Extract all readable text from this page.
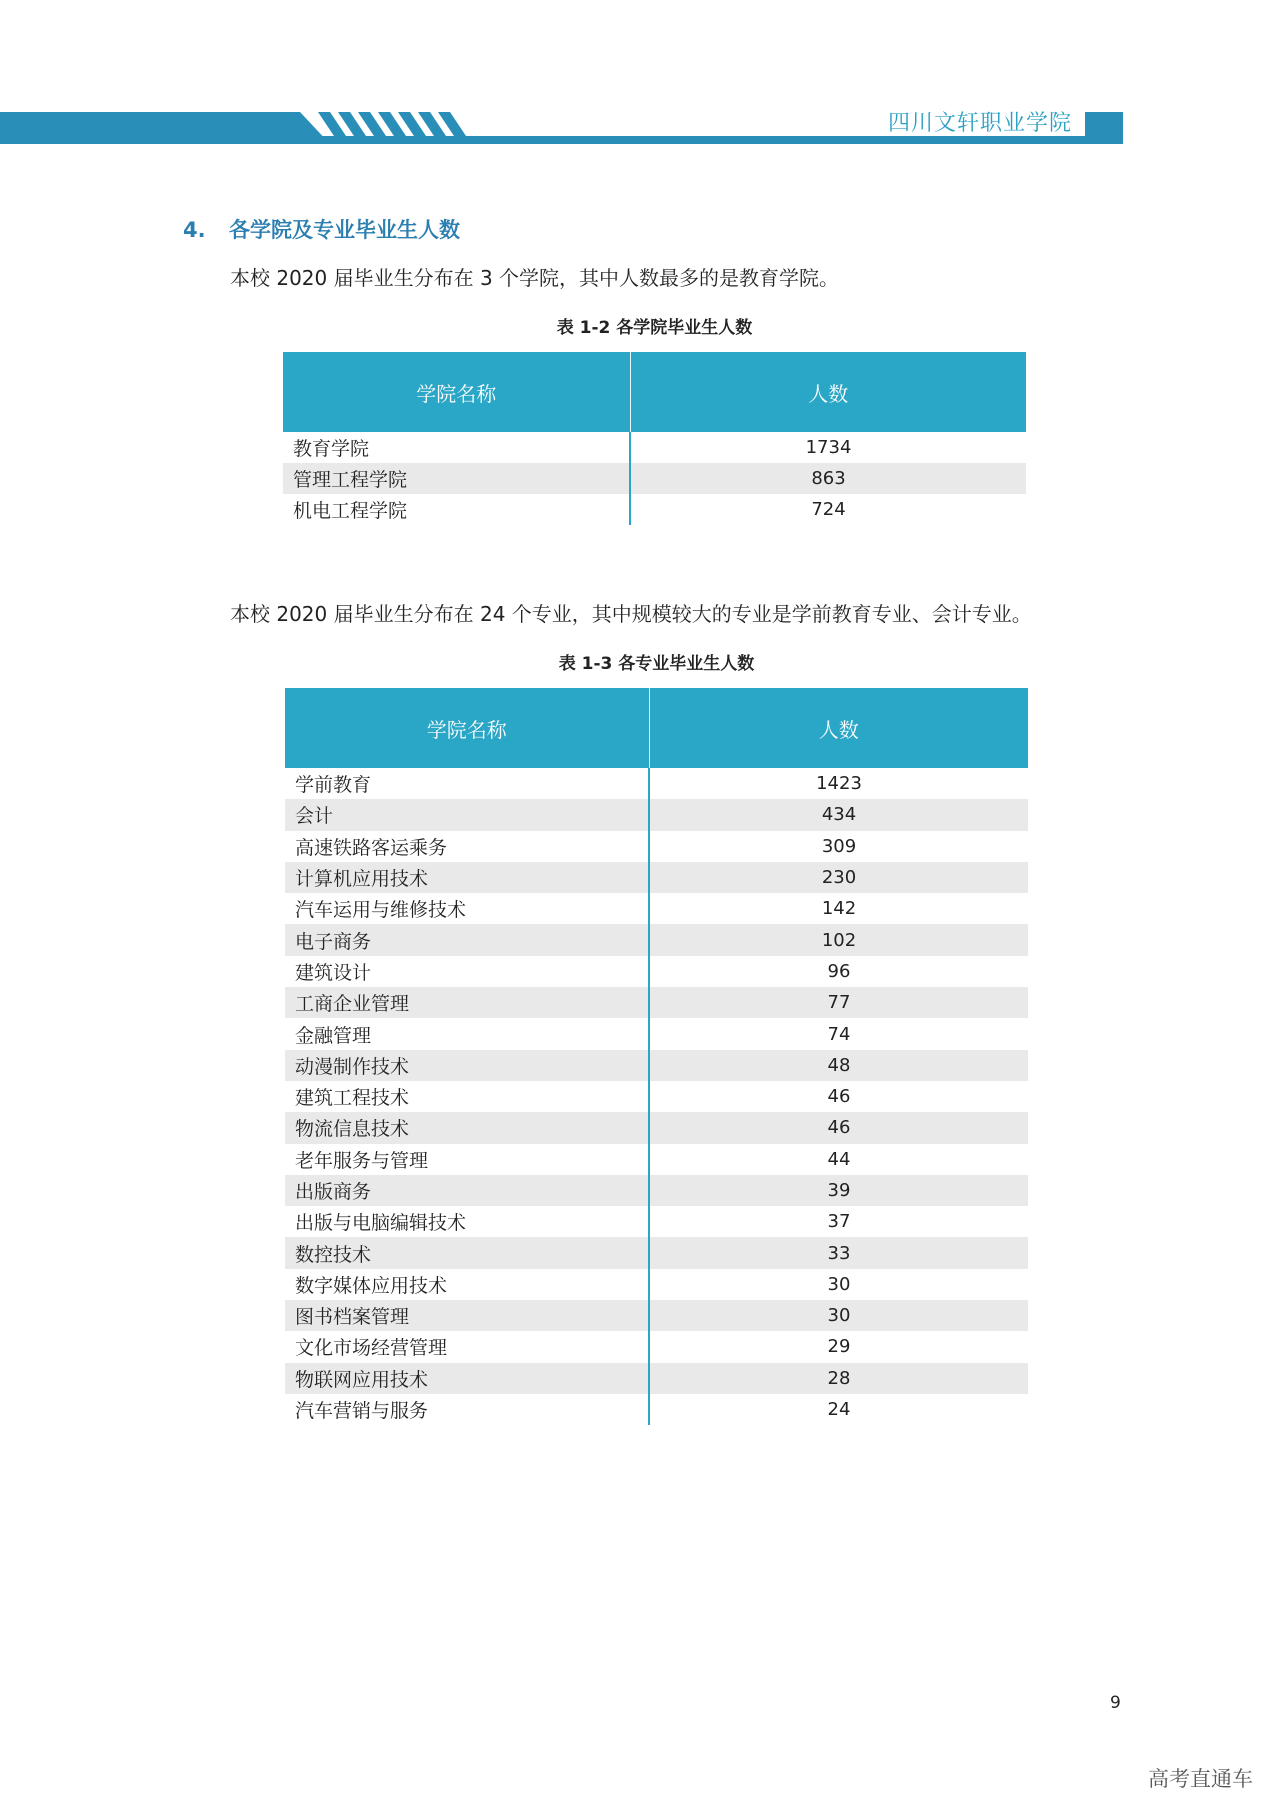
四川文轩职业学院
4. 各学院及专业毕业生人数
本校 2020 届毕业生分布在 3 个学院，其中人数最多的是教育学院。
表 1-2 各学院毕业生人数
学院名称	人数
教育学院	1734
管理工程学院	863
机电工程学院	724
本校 2020 届毕业生分布在 24 个专业，其中规模较大的专业是学前教育专业、会计专业。
表 1-3 各专业毕业生人数
学院名称	人数
学前教育	1423
会计	434
高速铁路客运乘务	309
计算机应用技术	230
汽车运用与维修技术	142
电子商务	102
建筑设计	96
工商企业管理	77
金融管理	74
动漫制作技术	48
建筑工程技术	46
物流信息技术	46
老年服务与管理	44
出版商务	39
出版与电脑编辑技术	37
数控技术	33
数字媒体应用技术	30
图书档案管理	30
文化市场经营管理	29
物联网应用技术	28
汽车营销与服务	24
9
高考直通车
